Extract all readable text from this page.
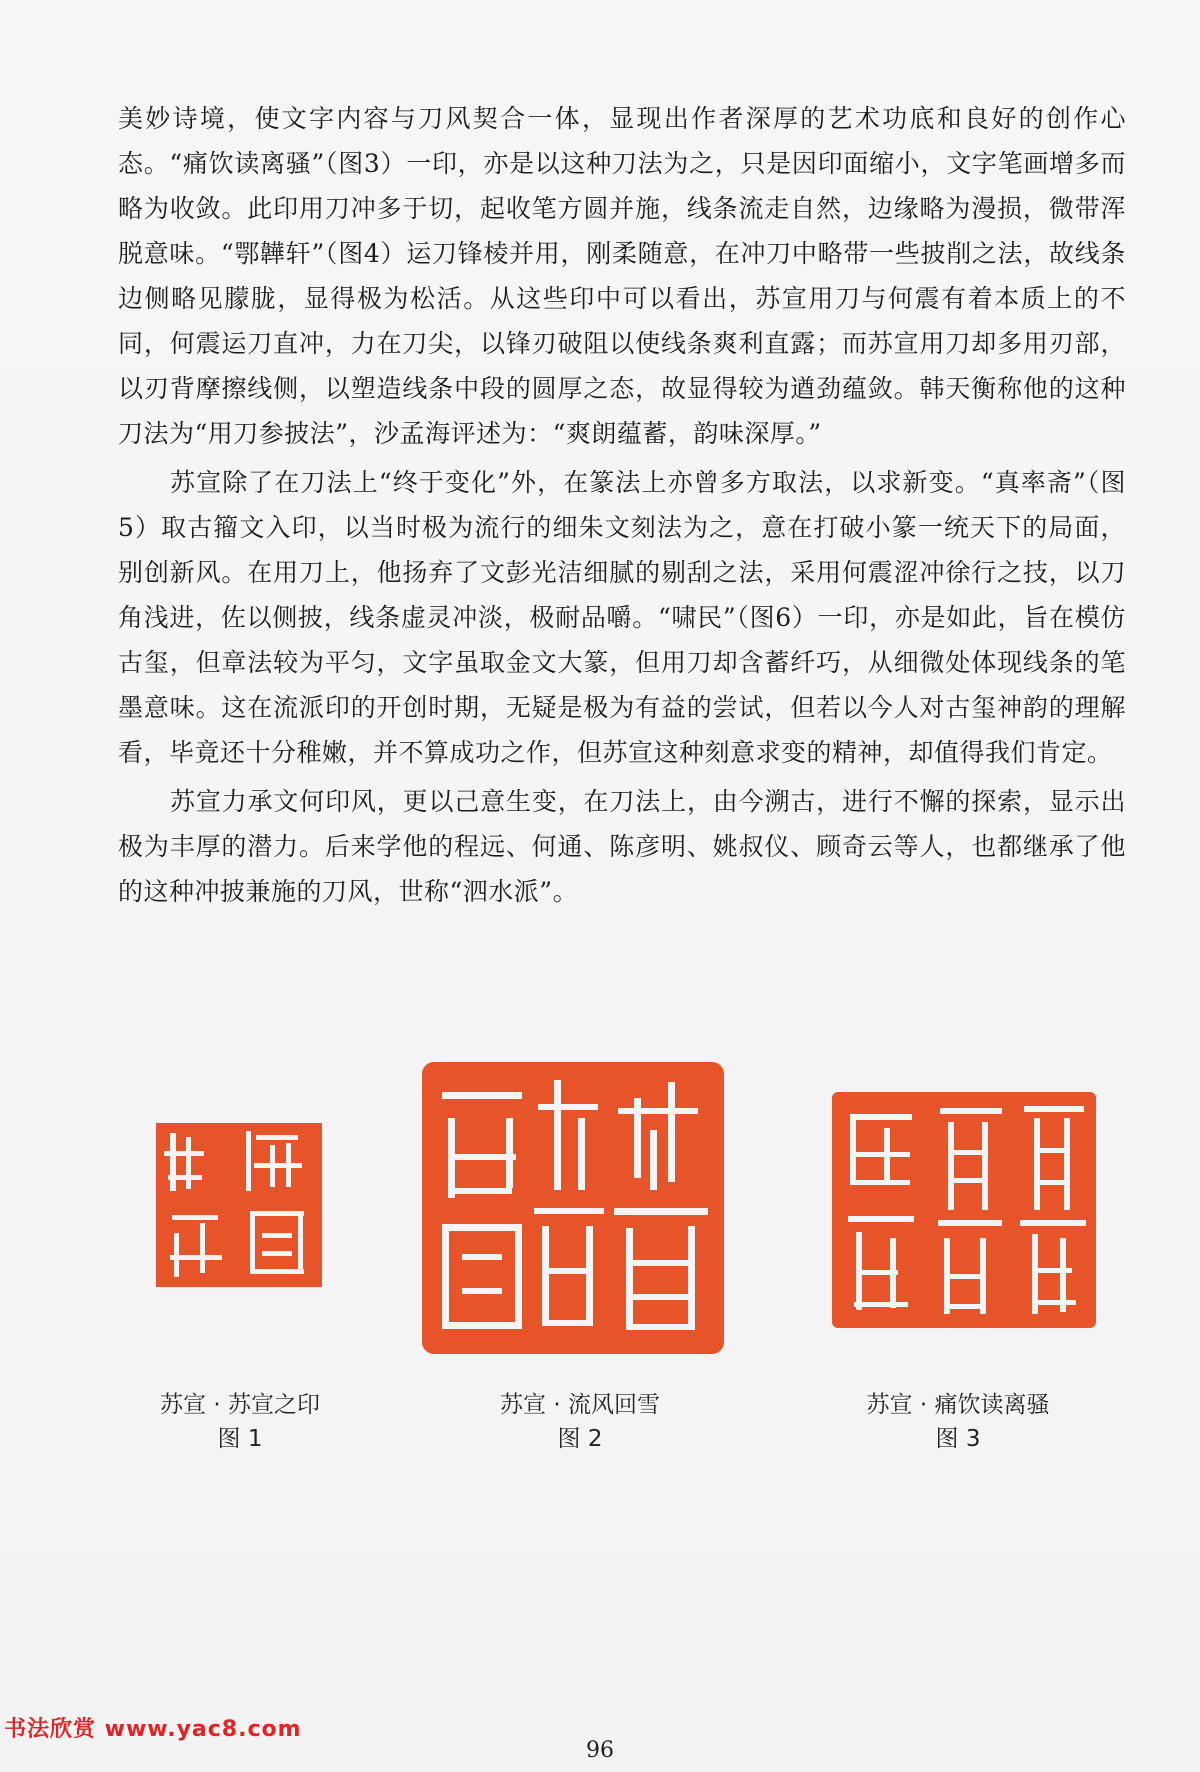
美妙诗境，使文字内容与刀风契合一体，显现出作者深厚的艺术功底和良好的创作心态。“痛饮读离骚”（图3）一印，亦是以这种刀法为之，只是因印面缩小，文字笔画增多而略为收敛。此印用刀冲多于切，起收笔方圆并施，线条流走自然，边缘略为漫损，微带浑脱意味。“鄂韡轩”（图4）运刀锋棱并用，刚柔随意，在冲刀中略带一些披削之法，故线条边侧略见朦胧，显得极为松活。从这些印中可以看出，苏宣用刀与何震有着本质上的不同，何震运刀直冲，力在刀尖，以锋刃破阻以使线条爽利直露；而苏宣用刀却多用刃部，以刃背摩擦线侧，以塑造线条中段的圆厚之态，故显得较为遒劲蕴敛。韩天衡称他的这种刀法为“用刀参披法”，沙孟海评述为：“爽朗蕴蓄，韵味深厚。”

苏宣除了在刀法上“终于变化”外，在篆法上亦曾多方取法，以求新变。“真率斋”（图5）取古籀文入印，以当时极为流行的细朱文刻法为之，意在打破小篆一统天下的局面，别创新风。在用刀上，他扬弃了文彭光洁细腻的剔刮之法，采用何震涩冲徐行之技，以刀角浅进，佐以侧披，线条虚灵冲淡，极耐品嚼。“啸民”（图6）一印，亦是如此，旨在模仿古玺，但章法较为平匀，文字虽取金文大篆，但用刀却含蓄纤巧，从细微处体现线条的笔墨意味。这在流派印的开创时期，无疑是极为有益的尝试，但若以今人对古玺神韵的理解看，毕竟还十分稚嫩，并不算成功之作，但苏宣这种刻意求变的精神，却值得我们肯定。

苏宣力承文何印风，更以己意生变，在刀法上，由今溯古，进行不懈的探索，显示出极为丰厚的潜力。后来学他的程远、何通、陈彦明、姚叔仪、顾奇云等人，也都继承了他的这种冲披兼施的刀风，世称“泗水派”。

苏宣 · 苏宣之印
图 1
苏宣 · 流风回雪
图 2
苏宣 · 痛饮读离骚
图 3
书法欣赏 www.yac8.com
96
